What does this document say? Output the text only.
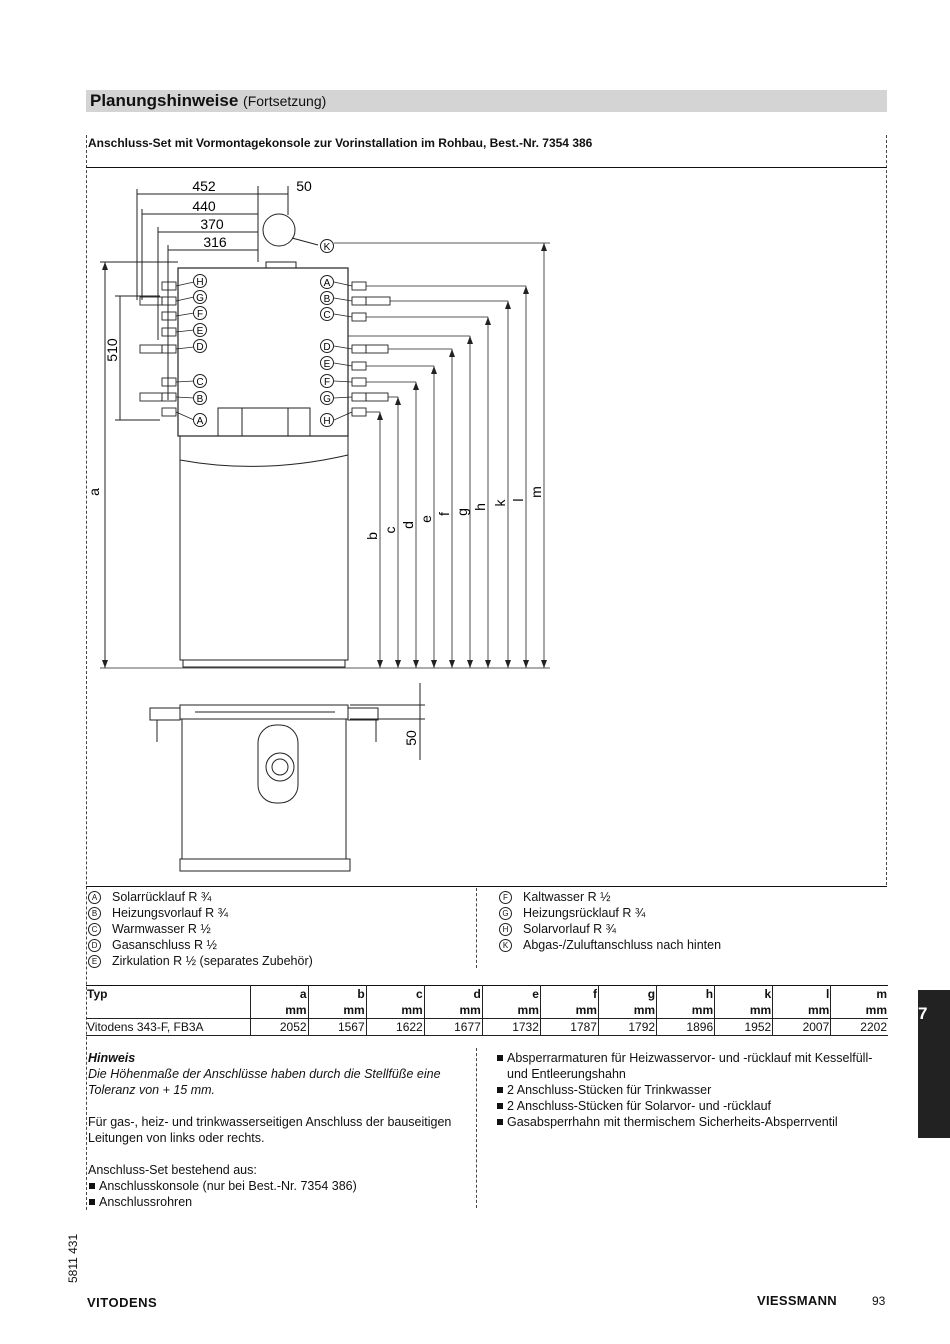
Planungshinweise (Fortsetzung)
Anschluss-Set mit Vormontagekonsole zur Vorinstallation im Rohbau, Best.-Nr. 7354 386
452
440
370
316
50
510
a
50
b
c
d
e
f g
h
k l
m
H
G
F
E
D
C
B
A
A
B
C
D
E
F
G
H
K
A	Solarrücklauf R ¾
B	Heizungsvorlauf R ¾
C Warmwasser R ½
D Gasanschluss R ½
E	Zirkulation R ½ (separates Zubehör)
F	Kaltwasser R ½
G Heizungsrücklauf R ¾
H Solarvorlauf R ¾
K	Abgas-/Zuluftanschluss nach hinten
Typ	a	b	c	d	e	f	g	h	k	l	m
	mm	mm	mm	mm	mm	mm	mm	mm	mm	mm	mm
Vitodens 343-F, FB3A	2052	1567	1622	1677	1732	1787	1792	1896	1952	2007	2202

Hinweis

Die Höhenmaße der Anschlüsse haben durch die Stellfüße eine Toleranz von + 15 mm.

Für gas-, heiz- und trinkwasserseitigen Anschluss der bauseitigen Leitungen von links oder rechts.

Anschluss-Set bestehend aus:

Anschlusskonsole (nur bei Best.-Nr. 7354 386)
Anschlussrohren
Absperrarmaturen für Heizwasservor- und -rücklauf mit Kesselfüll- und Entleerungshahn
2 Anschluss-Stücken für Trinkwasser
2 Anschluss-Stücken für Solarvor- und -rücklauf
Gasabsperrhahn mit thermischem Sicherheits-Absperrventil
7
5811 431
VITODENS	VIESSMANN	93
